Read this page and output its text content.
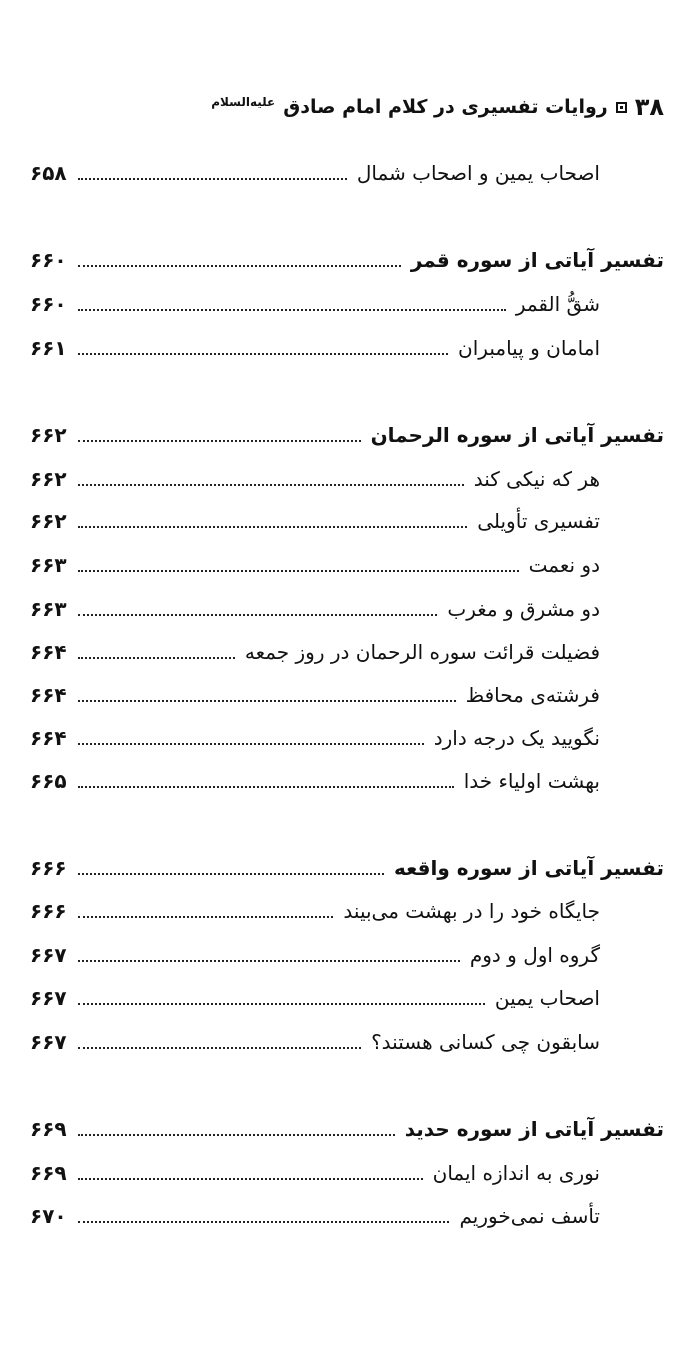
۳۸
روایات تفسیری در کلام امام صادق
علیه‌السلام
اصحاب یمین و اصحاب شمال
۶۵۸
تفسیر آیاتی از سوره قمر
۶۶۰
شقُّ القمر
۶۶۰
امامان و پیامبران
۶۶۱
تفسیر آیاتی از سوره الرحمان
۶۶۲
هر که نیکی کند
۶۶۲
تفسیری تأویلی
۶۶۲
دو نعمت
۶۶۳
دو مشرق و مغرب
۶۶۳
فضیلت قرائت سوره الرحمان در روز جمعه
۶۶۴
فرشته‌ی محافظ
۶۶۴
نگویید یک درجه دارد
۶۶۴
بهشت اولیاء خدا
۶۶۵
تفسیر آیاتی از سوره واقعه
۶۶۶
جایگاه خود را در بهشت می‌بیند
۶۶۶
گروه اول و دوم
۶۶۷
اصحاب یمین
۶۶۷
سابقون چی کسانی هستند؟
۶۶۷
تفسیر آیاتی از سوره حدید
۶۶۹
نوری به اندازه ایمان
۶۶۹
تأسف نمی‌خوریم
۶۷۰
